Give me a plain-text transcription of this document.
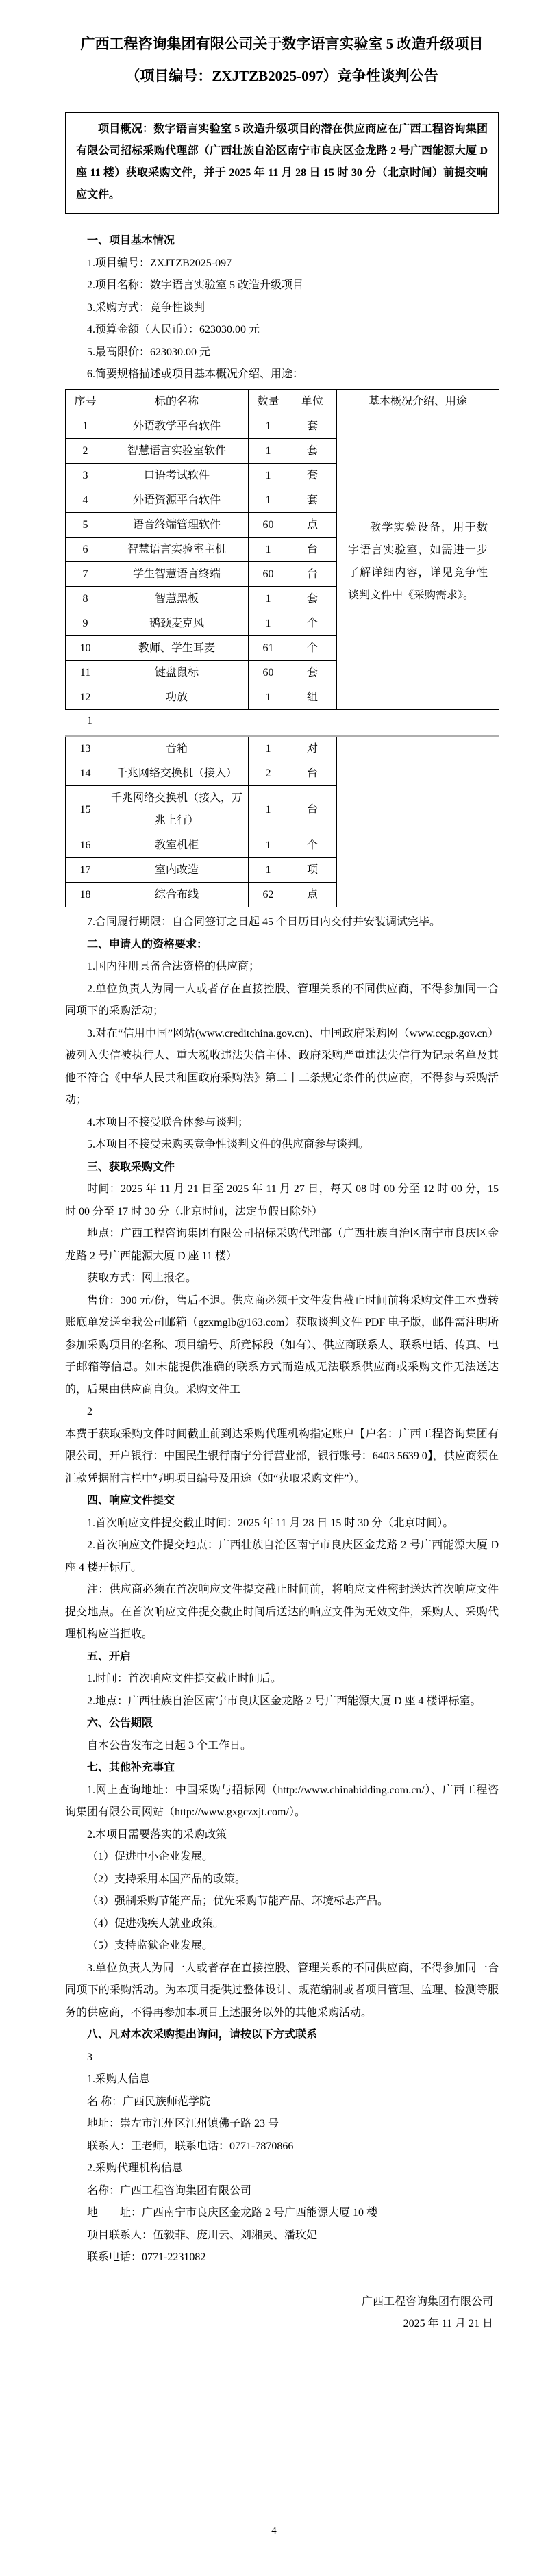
广西工程咨询集团有限公司关于数字语言实验室 5 改造升级项目
（项目编号：ZXJTZB2025-097）竞争性谈判公告
项目概况：数字语言实验室 5 改造升级项目的潜在供应商应在广西工程咨询集团有限公司招标采购代理部（广西壮族自治区南宁市良庆区金龙路 2 号广西能源大厦 D 座 11 楼）获取采购文件，并于 2025 年 11 月 28 日 15 时 30 分（北京时间）前提交响应文件。

一、项目基本情况

1.项目编号：ZXJTZB2025-097

2.项目名称：数字语言实验室 5 改造升级项目

3.采购方式：竞争性谈判

4.预算金额（人民币）：623030.00 元

5.最高限价：623030.00 元

6.简要规格描述或项目基本概况介绍、用途：

序号	标的名称	数量	单位	基本概况介绍、用途
1	外语教学平台软件	1	套	教学实验设备，用于数字语言实验室，如需进一步了解详细内容，详见竞争性谈判文件中《采购需求》。
2	智慧语言实验室软件	1	套	
3	口语考试软件	1	套	
4	外语资源平台软件	1	套	
5	语音终端管理软件	60	点	
6	智慧语言实验室主机	1	台	
7	学生智慧语言终端	60	台	
8	智慧黑板	1	套	
9	鹅颈麦克风	1	个	
10	教师、学生耳麦	61	个	
11	键盘鼠标	60	套	
12	功放	1	组	

1

13	音箱	1	对	
14	千兆网络交换机（接入）	2	台	
15	千兆网络交换机（接入，万兆上行）	1	台	
16	教室机柜	1	个	
17	室内改造	1	项	
18	综合布线	62	点	

7.合同履行期限：自合同签订之日起 45 个日历日内交付并安装调试完毕。

二、申请人的资格要求：

1.国内注册具备合法资格的供应商；

2.单位负责人为同一人或者存在直接控股、管理关系的不同供应商，不得参加同一合同项下的采购活动；

3.对在“信用中国”网站(www.creditchina.gov.cn)、中国政府采购网（www.ccgp.gov.cn）被列入失信被执行人、重大税收违法失信主体、政府采购严重违法失信行为记录名单及其他不符合《中华人民共和国政府采购法》第二十二条规定条件的供应商，不得参与采购活动；

4.本项目不接受联合体参与谈判；

5.本项目不接受未购买竞争性谈判文件的供应商参与谈判。

三、获取采购文件

时间：2025 年 11 月 21 日至 2025 年 11 月 27 日，每天 08 时 00 分至 12 时 00 分，15 时 00 分至 17 时 30 分（北京时间，法定节假日除外）

地点：广西工程咨询集团有限公司招标采购代理部（广西壮族自治区南宁市良庆区金龙路 2 号广西能源大厦 D 座 11 楼）

获取方式：网上报名。

售价：300 元/份，售后不退。供应商必须于文件发售截止时间前将采购文件工本费转账底单发送至我公司邮箱（gzxmglb@163.com）获取谈判文件 PDF 电子版，邮件需注明所参加采购项目的名称、项目编号、所竞标段（如有）、供应商联系人、联系电话、传真、电子邮箱等信息。如未能提供准确的联系方式而造成无法联系供应商或采购文件无法送达的，后果由供应商自负。采购文件工

2

本费于获取采购文件时间截止前到达采购代理机构指定账户【户名：广西工程咨询集团有限公司，开户银行：中国民生银行南宁分行营业部，银行账号：6403 5639 0】，供应商须在汇款凭据附言栏中写明项目编号及用途（如“获取采购文件”）。

四、响应文件提交

1.首次响应文件提交截止时间：2025 年 11 月 28 日 15 时 30 分（北京时间）。

2.首次响应文件提交地点：广西壮族自治区南宁市良庆区金龙路 2 号广西能源大厦 D 座 4 楼开标厅。

注：供应商必须在首次响应文件提交截止时间前，将响应文件密封送达首次响应文件提交地点。在首次响应文件提交截止时间后送达的响应文件为无效文件，采购人、采购代理机构应当拒收。

五、开启

1.时间：首次响应文件提交截止时间后。

2.地点：广西壮族自治区南宁市良庆区金龙路 2 号广西能源大厦 D 座 4 楼评标室。

六、公告期限

自本公告发布之日起 3 个工作日。

七、其他补充事宜

1.网上查询地址：中国采购与招标网（http://www.chinabidding.com.cn/）、广西工程咨询集团有限公司网站（http://www.gxgczxjt.com/）。

2.本项目需要落实的采购政策

（1）促进中小企业发展。

（2）支持采用本国产品的政策。

（3）强制采购节能产品；优先采购节能产品、环境标志产品。

（4）促进残疾人就业政策。

（5）支持监狱企业发展。

3.单位负责人为同一人或者存在直接控股、管理关系的不同供应商，不得参加同一合同项下的采购活动。为本项目提供过整体设计、规范编制或者项目管理、监理、检测等服务的供应商，不得再参加本项目上述服务以外的其他采购活动。

八、凡对本次采购提出询问，请按以下方式联系

3

1.采购人信息

名 称：广西民族师范学院

地址：崇左市江州区江州镇佛子路 23 号

联系人：王老师，联系电话：0771-7870866

2.采购代理机构信息

名称：广西工程咨询集团有限公司

地　　址：广西南宁市良庆区金龙路 2 号广西能源大厦 10 楼

项目联系人：伍毅菲、庞川云、刘湘灵、潘玫妃

联系电话：0771-2231082

广西工程咨询集团有限公司

2025 年 11 月 21 日

4
